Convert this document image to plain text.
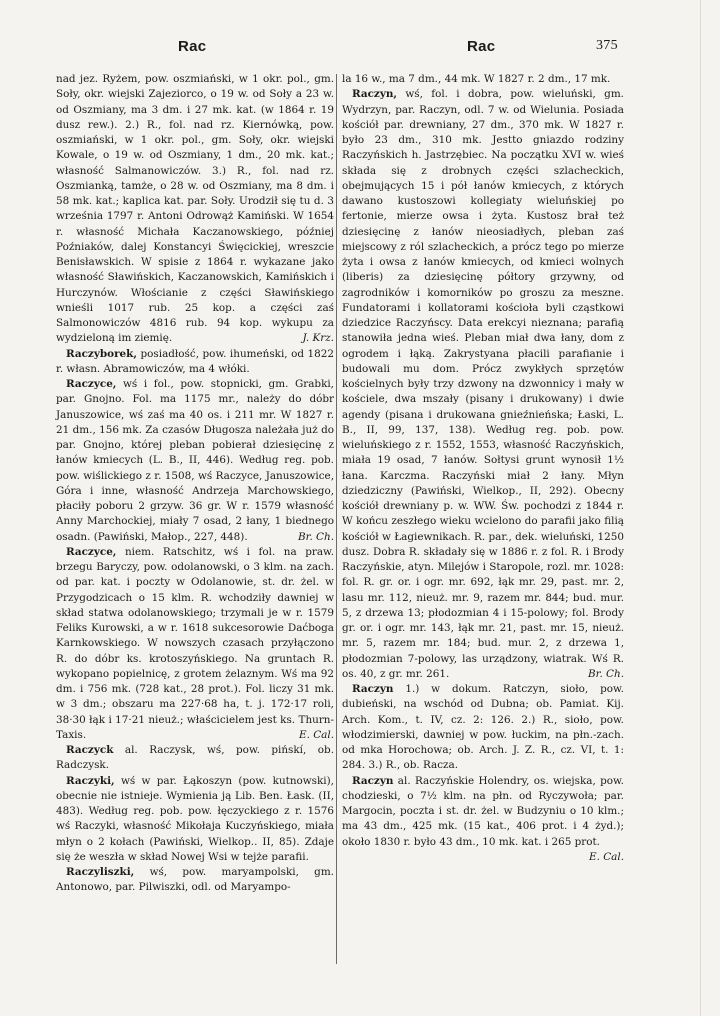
Rac	Rac	375

nad jez. Ryżem, pow. oszmiański, w 1 okr. pol., gm. Soły, okr. wiejski Zajeziorco, o 19 w. od Soły a 23 w. od Oszmiany, ma 3 dm. i 27 mk. kat. (w 1864 r. 19 dusz rew.). 2.) R., fol. nad rz. Kiernówką, pow. oszmiański, w 1 okr. pol., gm. Soły, okr. wiejski Kowale, o 19 w. od Oszmiany, 1 dm., 20 mk. kat.; własność Salmanowiczów. 3.) R., fol. nad rz. Oszmianką, tamże, o 28 w. od Oszmiany, ma 8 dm. i 58 mk. kat.; kaplica kat. par. Soły. Urodził się tu d. 3 września 1797 r. Antoni Odrowąż Kamiński. W 1654 r. własność Michała Kaczanowskiego, później Poźniaków, dalej Konstancyi Święcickiej, wreszcie Benisławskich. W spisie z 1864 r. wykazane jako własność Sławińskich, Kaczanowskich, Kamińskich i Hurczynów. Włościanie z części Sławińskiego wnieśli 1017 rub. 25 kop. a części zaś Salmonowiczów 4816 rub. 94 kop. wykupu za wydzieloną im ziemię.	J. Krz.

Raczyborek, posiadłość, pow. ihumeński, od 1822 r. własn. Abramowiczów, ma 4 włóki.

Raczyce, wś i fol., pow. stopnicki, gm. Grabki, par. Gnojno. Fol. ma 1175 mr., należy do dóbr Januszowice, wś zaś ma 40 os. i 211 mr. W 1827 r. 21 dm., 156 mk. Za czasów Długosza należała już do par. Gnojno, której pleban pobierał dziesięcinę z łanów kmiecych (L. B., II, 446). Według reg. pob. pow. wiślickiego z r. 1508, wś Raczyce, Januszowice, Góra i inne, własność Andrzeja Marchowskiego, płaciły poboru 2 grzyw. 36 gr. W r. 1579 własność Anny Marchockiej, miały 7 osad, 2 łany, 1 biednego osadn. (Pawiński, Małop., 227, 448).	Br. Ch.

Raczyce, niem. Ratschitz, wś i fol. na praw. brzegu Baryczy, pow. odolanowski, o 3 klm. na zach. od par. kat. i poczty w Odolanowie, st. dr. żel. w Przygodzicach o 15 klm. R. wchodziły dawniej w skład statwa odolanowskiego; trzymali je w r. 1579 Feliks Kurowski, a w r. 1618 sukcesorowie Daćboga Karnkowskiego. W nowszych czasach przyłączono R. do dóbr ks. krotoszyńskiego. Na gruntach R. wykopano popielnicę, z grotem żelaznym. Wś ma 92 dm. i 756 mk. (728 kat., 28 prot.). Fol. liczy 31 mk. w 3 dm.; obszaru ma 227·68 ha, t. j. 172·17 roli, 38·30 łąk i 17·21 nieuż.; właścicielem jest ks. Thurn-Taxis.	E. Cal.

Raczyck al. Raczysk, wś, pow. pińskí, ob. Radczysk.

Raczyki, wś w par. Łąkoszyn (pow. kutnowski), obecnie nie istnieje. Wymienia ją Lib. Ben. Łask. (II, 483). Według reg. pob. pow. łęczyckiego z r. 1576 wś Raczyki, własność Mikołaja Kuczyńskiego, miała młyn o 2 kołach (Pawiński, Wielkop.. II, 85). Zdaje się że weszła w skład Nowej Wsi w tejże parafii.

Raczyliszki, wś, pow. maryampolski, gm. Antonowo, par. Pilwiszki, odl. od Maryampo-

la 16 w., ma 7 dm., 44 mk. W 1827 r. 2 dm., 17 mk.

Raczyn, wś, fol. i dobra, pow. wieluński, gm. Wydrzyn, par. Raczyn, odl. 7 w. od Wielunia. Posiada kościół par. drewniany, 27 dm., 370 mk. W 1827 r. było 23 dm., 310 mk. Jestto gniazdo rodziny Raczyńskich h. Jastrzębiec. Na początku XVI w. wieś składa się z drobnych części szlacheckich, obejmujących 15 i pół łanów kmiecych, z których dawano kustoszowi kollegiaty wieluńskiej po fertonie, mierze owsa i żyta. Kustosz brał też dziesięcinę z łanów nieosiadłych, pleban zaś miejscowy z ról szlacheckich, a prócz tego po mierze żyta i owsa z łanów kmiecych, od kmieci wolnych (liberis) za dziesięcinę półtory grzywny, od zagrodników i komorników po groszu za meszne. Fundatorami i kollatorami kościoła byli cząstkowi dziedzice Raczyńscy. Data erekcyi nieznana; parafią stanowiła jedna wieś. Pleban miał dwa łany, dom z ogrodem i łąką. Zakrystyana płacili parafianie i budowali mu dom. Prócz zwykłych sprzętów kościelnych były trzy dzwony na dzwonnicy i mały w kościele, dwa mszały (pisany i drukowany) i dwie agendy (pisana i drukowana gnieźnieńska; Łaski, L. B., II, 99, 137, 138). Według reg. pob. pow. wieluńskiego z r. 1552, 1553, własność Raczyńskich, miała 19 osad, 7 łanów. Sołtysi grunt wynosił 1½ łana. Karczma. Raczyński miał 2 łany. Młyn dziedziczny (Pawiński, Wielkop., II, 292). Obecny kościół drewniany p. w. WW. Św. pochodzi z 1844 r. W końcu zeszłego wieku wcielono do parafii jako filią kościół w Łagiewnikach. R. par., dek. wieluński, 1250 dusz. Dobra R. składały się w 1886 r. z fol. R. i Brody Raczyńskie, atyn. Milejów i Staropole, rozl. mr. 1028: fol. R. gr. or. i ogr. mr. 692, łąk mr. 29, past. mr. 2, lasu mr. 112, nieuż. mr. 9, razem mr. 844; bud. mur. 5, z drzewa 13; płodozmian 4 i 15-polowy; fol. Brody gr. or. i ogr. mr. 143, łąk mr. 21, past. mr. 15, nieuż. mr. 5, razem mr. 184; bud. mur. 2, z drzewa 1, płodozmian 7-polowy, las urządzony, wiatrak. Wś R. os. 40, z gr. mr. 261.	Br. Ch.

Raczyn 1.) w dokum. Ratczyn, sioło, pow. dubieński, na wschód od Dubna; ob. Pamiat. Kij. Arch. Kom., t. IV, cz. 2: 126. 2.) R., sioło, pow. włodzimierski, dawniej w pow. łuckim, na płn.-zach. od mka Horochowa; ob. Arch. J. Z. R., cz. VI, t. 1: 284. 3.) R., ob. Racza.

Raczyn al. Raczyńskie Holendry, os. wiejska, pow. chodzieski, o 7½ klm. na płn. od Ryczywoła; par. Margocin, poczta i st. dr. żel. w Budzyniu o 10 klm.; ma 43 dm., 425 mk. (15 kat., 406 prot. i 4 żyd.); około 1830 r. było 43 dm., 10 mk. kat. i 265 prot.
E. Cal.
